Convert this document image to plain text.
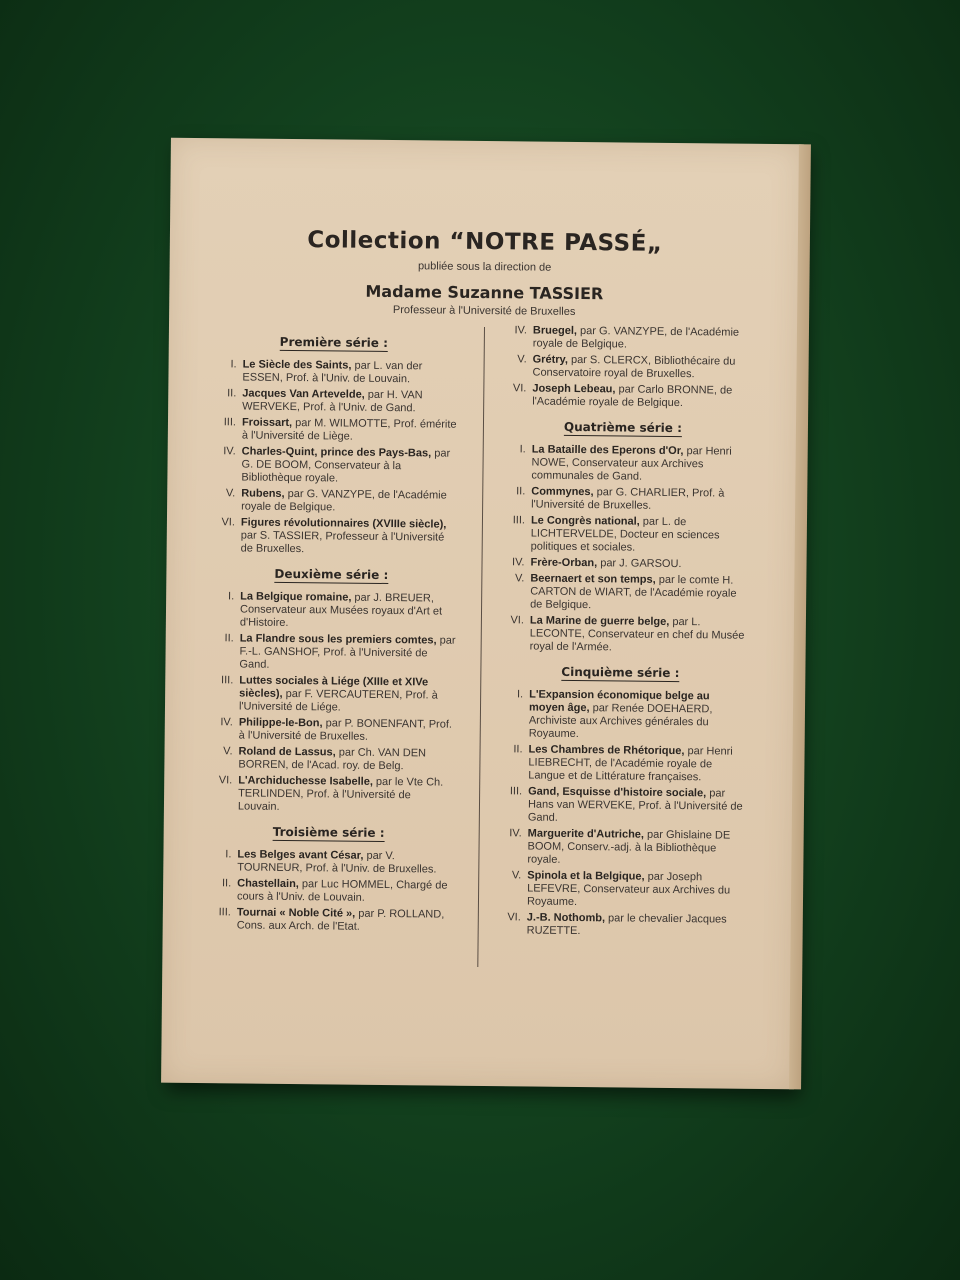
Collection “NOTRE PASSÉ„
publiée sous la direction de
Madame Suzanne TASSIER
Professeur à l'Université de Bruxelles
Première série :
I. Le Siècle des Saints, par L. van der ESSEN, Prof. à l'Univ. de Louvain.
II. Jacques Van Artevelde, par H. VAN WERVEKE, Prof. à l'Univ. de Gand.
III. Froissart, par M. WILMOTTE, Prof. émérite à l'Université de Liège.
IV. Charles-Quint, prince des Pays-Bas, par G. DE BOOM, Conservateur à la Bibliothèque royale.
V. Rubens, par G. VANZYPE, de l'Académie royale de Belgique.
VI. Figures révolutionnaires (XVIIIe siècle), par S. TASSIER, Professeur à l'Université de Bruxelles.
Deuxième série :
I. La Belgique romaine, par J. BREUER, Conservateur aux Musées royaux d'Art et d'Histoire.
II. La Flandre sous les premiers comtes, par F.-L. GANSHOF, Prof. à l'Université de Gand.
III. Luttes sociales à Liége (XIIIe et XIVe siècles), par F. VERCAUTEREN, Prof. à l'Université de Liége.
IV. Philippe-le-Bon, par P. BONENFANT, Prof. à l'Université de Bruxelles.
V. Roland de Lassus, par Ch. VAN DEN BORREN, de l'Acad. roy. de Belg.
VI. L'Archiduchesse Isabelle, par le Vte Ch. TERLINDEN, Prof. à l'Université de Louvain.
Troisième série :
I. Les Belges avant César, par V. TOURNEUR, Prof. à l'Univ. de Bruxelles.
II. Chastellain, par Luc HOMMEL, Chargé de cours à l'Univ. de Louvain.
III. Tournai « Noble Cité », par P. ROLLAND, Cons. aux Arch. de l'Etat.
IV. Bruegel, par G. VANZYPE, de l'Académie royale de Belgique.
V. Grétry, par S. CLERCX, Bibliothécaire du Conservatoire royal de Bruxelles.
VI. Joseph Lebeau, par Carlo BRONNE, de l'Académie royale de Belgique.
Quatrième série :
I. La Bataille des Eperons d'Or, par Henri NOWE, Conservateur aux Archives communales de Gand.
II. Commynes, par G. CHARLIER, Prof. à l'Université de Bruxelles.
III. Le Congrès national, par L. de LICHTERVELDE, Docteur en sciences politiques et sociales.
IV. Frère-Orban, par J. GARSOU.
V. Beernaert et son temps, par le comte H. CARTON de WIART, de l'Académie royale de Belgique.
VI. La Marine de guerre belge, par L. LECONTE, Conservateur en chef du Musée royal de l'Armée.
Cinquième série :
I. L'Expansion économique belge au moyen âge, par Renée DOEHAERD, Archiviste aux Archives générales du Royaume.
II. Les Chambres de Rhétorique, par Henri LIEBRECHT, de l'Académie royale de Langue et de Littérature françaises.
III. Gand, Esquisse d'histoire sociale, par Hans van WERVEKE, Prof. à l'Université de Gand.
IV. Marguerite d'Autriche, par Ghislaine DE BOOM, Conserv.-adj. à la Bibliothèque royale.
V. Spinola et la Belgique, par Joseph LEFEVRE, Conservateur aux Archives du Royaume.
VI. J.-B. Nothomb, par le chevalier Jacques RUZETTE.
